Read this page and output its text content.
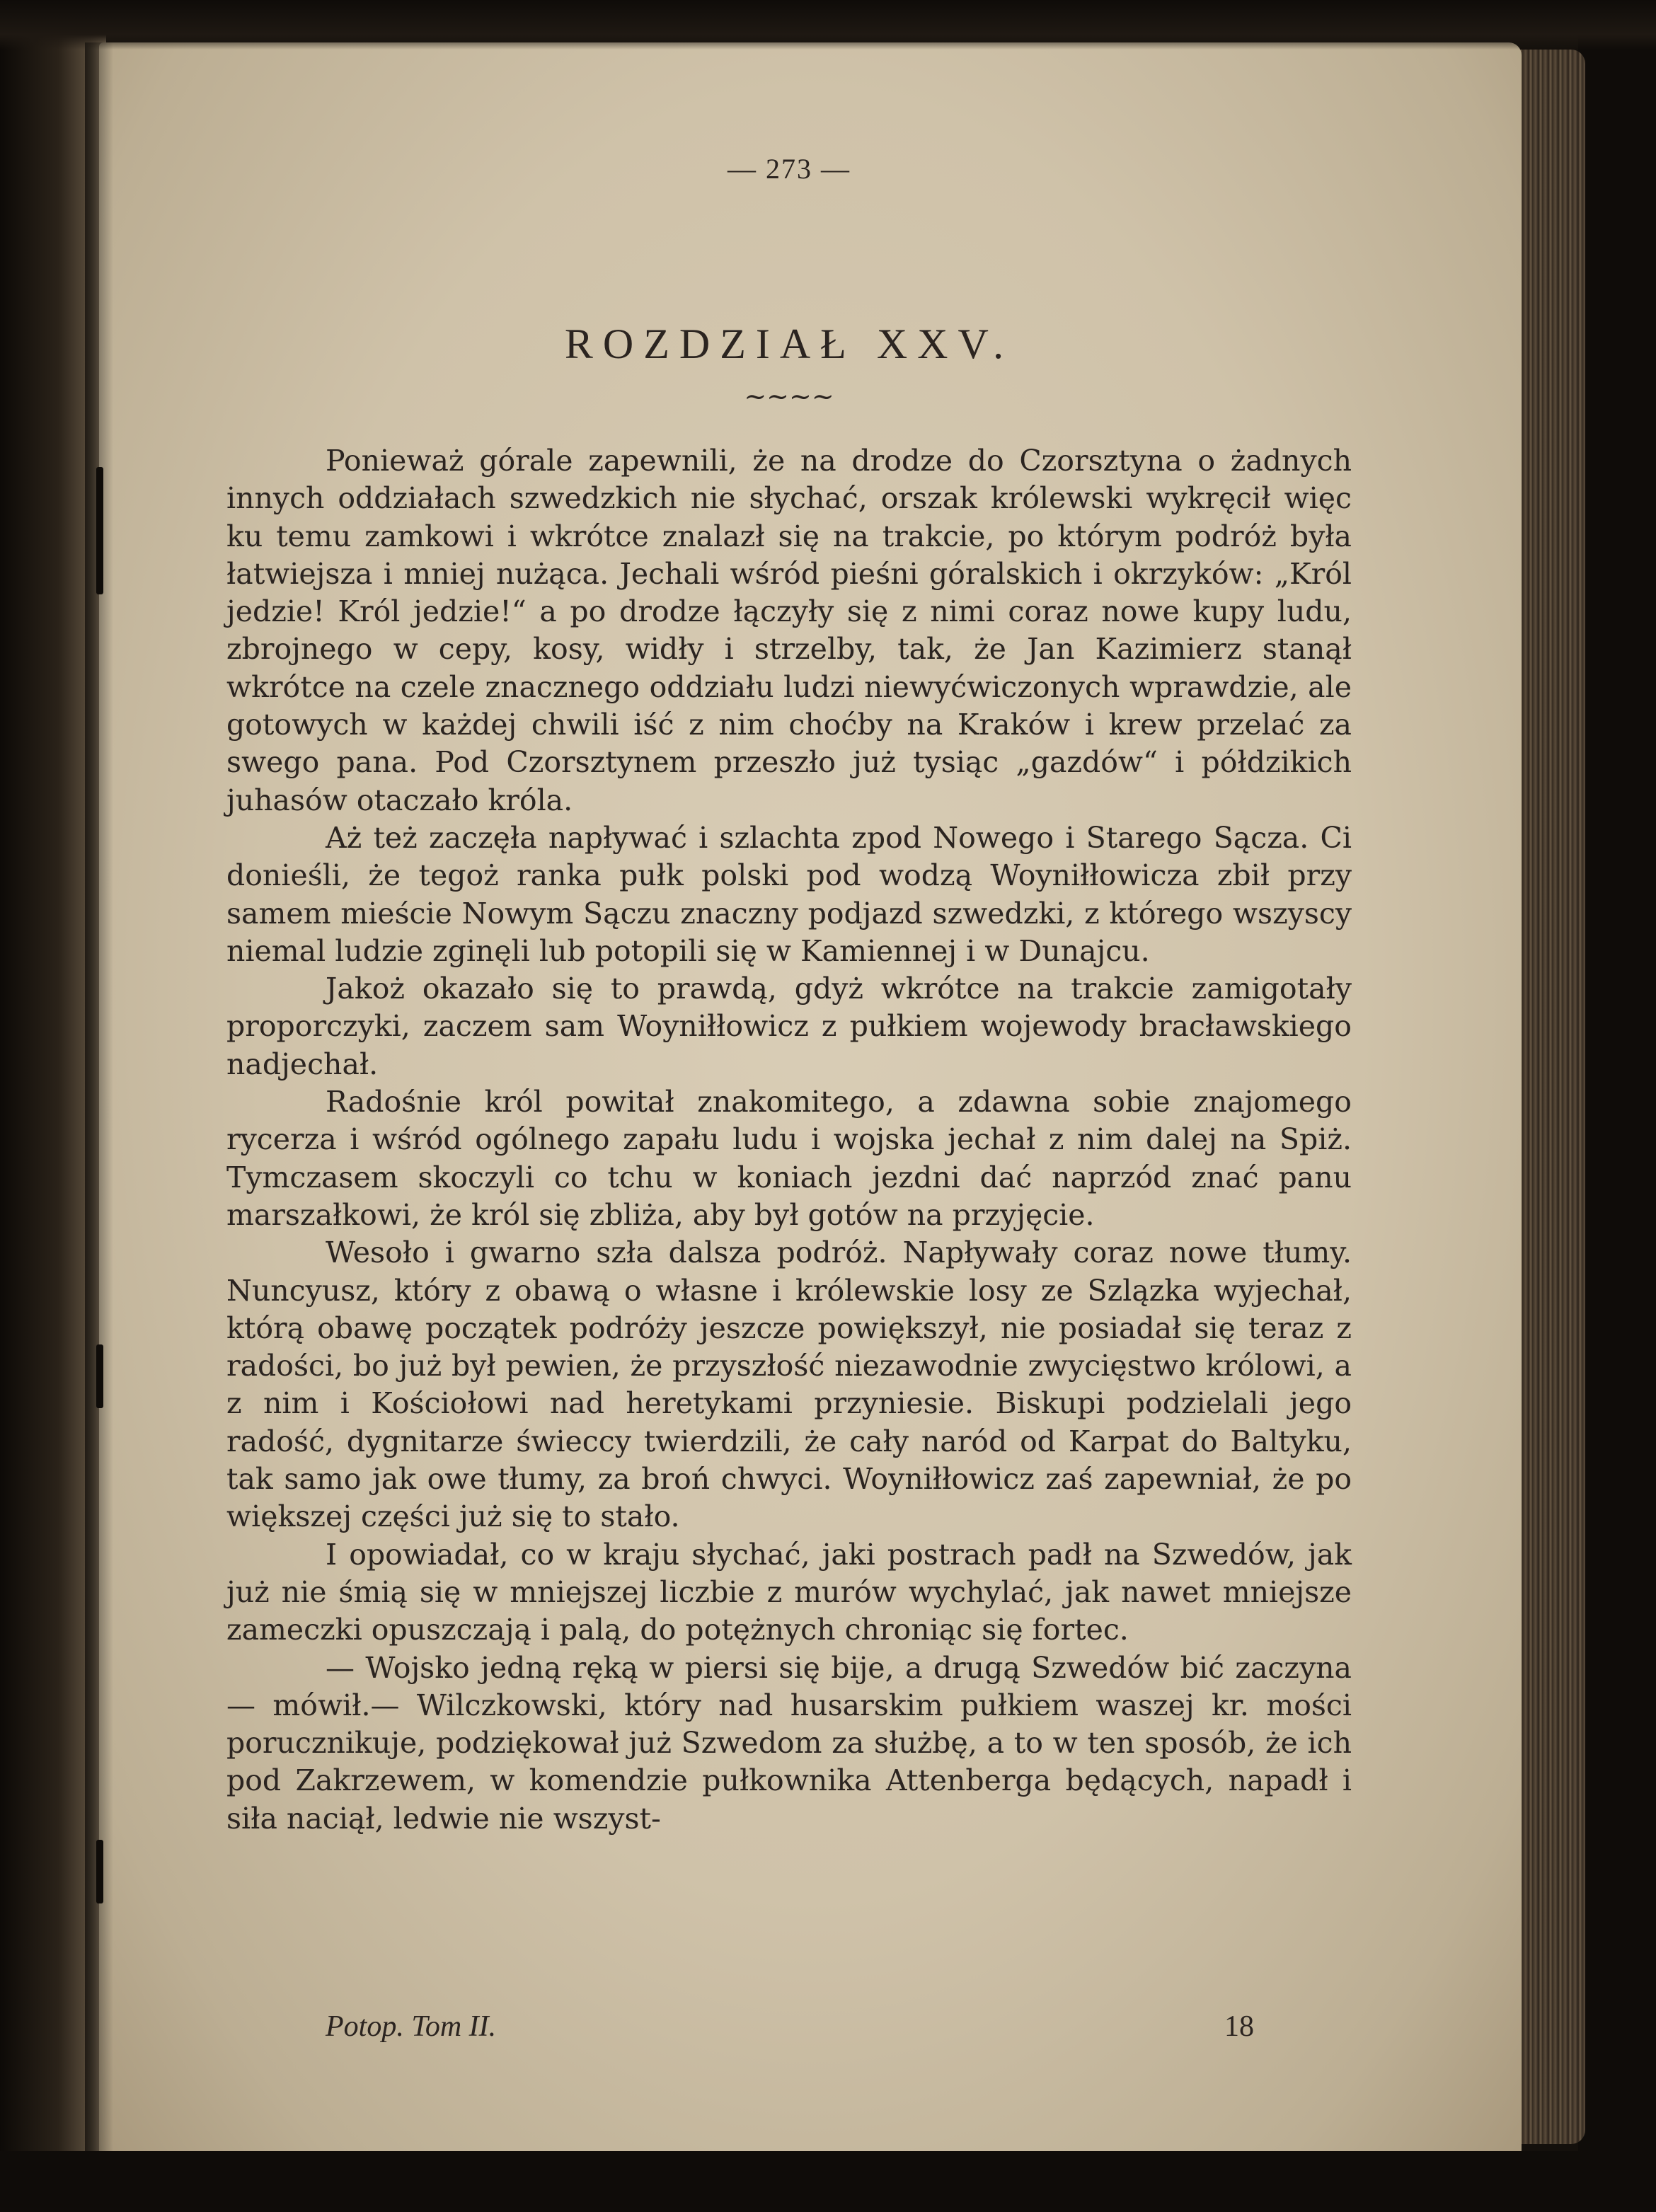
— 273 —
ROZDZIAŁ XXV.
~~~~

Ponieważ górale zapewnili, że na drodze do Czorsztyna o żadnych innych oddziałach szwedzkich nie słychać, orszak królewski wykręcił więc ku temu zamkowi i wkrótce znalazł się na trakcie, po którym podróż była łatwiejsza i mniej nużąca. Jechali wśród pieśni góralskich i okrzyków: „Król jedzie! Król jedzie!“ a po drodze łączyły się z nimi coraz nowe kupy ludu, zbrojnego w cepy, kosy, widły i strzelby, tak, że Jan Kazimierz stanął wkrótce na czele znacznego oddziału ludzi niewyćwiczonych wprawdzie, ale gotowych w każdej chwili iść z nim choćby na Kraków i krew przelać za swego pana. Pod Czorsztynem przeszło już tysiąc „gazdów“ i półdzikich juhasów otaczało króla.

Aż też zaczęła napływać i szlachta zpod Nowego i Starego Sącza. Ci donieśli, że tegoż ranka pułk polski pod wodzą Woyniłłowicza zbił przy samem mieście Nowym Sączu znaczny podjazd szwedzki, z którego wszyscy niemal ludzie zginęli lub potopili się w Kamiennej i w Dunajcu.

Jakoż okazało się to prawdą, gdyż wkrótce na trakcie zamigotały proporczyki, zaczem sam Woyniłłowicz z pułkiem wojewody bracławskiego nadjechał.

Radośnie król powitał znakomitego, a zdawna sobie znajomego rycerza i wśród ogólnego zapału ludu i wojska jechał z nim dalej na Spiż. Tymczasem skoczyli co tchu w koniach jezdni dać naprzód znać panu marszałkowi, że król się zbliża, aby był gotów na przyjęcie.

Wesoło i gwarno szła dalsza podróż. Napływały coraz nowe tłumy. Nuncyusz, który z obawą o własne i królewskie losy ze Szlązka wyjechał, którą obawę początek podróży jeszcze powiększył, nie posiadał się teraz z radości, bo już był pewien, że przyszłość niezawodnie zwycięstwo królowi, a z nim i Kościołowi nad heretykami przyniesie. Biskupi podzielali jego radość, dygnitarze świeccy twierdzili, że cały naród od Karpat do Baltyku, tak samo jak owe tłumy, za broń chwyci. Woyniłłowicz zaś zapewniał, że po większej części już się to stało.

I opowiadał, co w kraju słychać, jaki postrach padł na Szwedów, jak już nie śmią się w mniejszej liczbie z murów wychylać, jak nawet mniejsze zameczki opuszczają i palą, do potężnych chroniąc się fortec.

— Wojsko jedną ręką w piersi się bije, a drugą Szwedów bić zaczyna — mówił.— Wilczkowski, który nad husarskim pułkiem waszej kr. mości porucznikuje, podziękował już Szwedom za służbę, a to w ten sposób, że ich pod Zakrzewem, w komendzie pułkownika Attenberga będących, napadł i siła naciął, ledwie nie wszyst-

Potop. Tom II.	18
